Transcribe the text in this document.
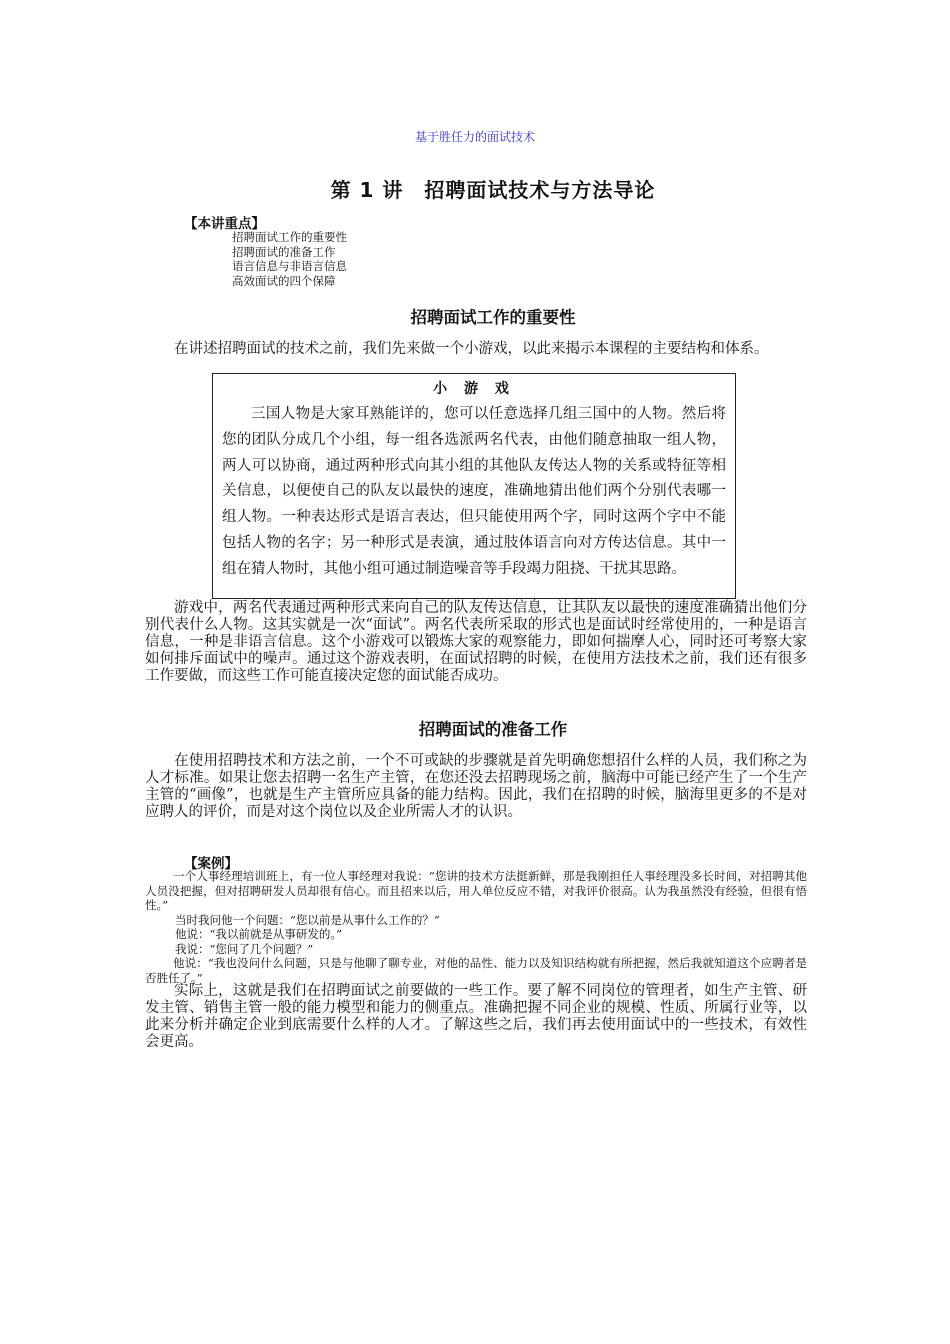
基于胜任力的面试技术
第 1 讲　招聘面试技术与方法导论
【本讲重点】
招聘面试工作的重要性
招聘面试的准备工作
语言信息与非语言信息
高效面试的四个保障
招聘面试工作的重要性

在讲述招聘面试的技术之前，我们先来做一个小游戏，以此来揭示本课程的主要结构和体系。

小 游 戏
三国人物是大家耳熟能详的，您可以任意选择几组三国中的人物。然后将您的团队分成几个小组，每一组各选派两名代表，由他们随意抽取一组人物，两人可以协商，通过两种形式向其小组的其他队友传达人物的关系或特征等相关信息，以便使自己的队友以最快的速度，准确地猜出他们两个分别代表哪一组人物。一种表达形式是语言表达，但只能使用两个字，同时这两个字中不能包括人物的名字；另一种形式是表演，通过肢体语言向对方传达信息。其中一组在猜人物时，其他小组可通过制造噪音等手段竭力阻挠、干扰其思路。

游戏中，两名代表通过两种形式来向自己的队友传达信息，让其队友以最快的速度准确猜出他们分别代表什么人物。这其实就是一次“面试”。两名代表所采取的形式也是面试时经常使用的，一种是语言信息，一种是非语言信息。这个小游戏可以锻炼大家的观察能力，即如何揣摩人心，同时还可考察大家如何排斥面试中的噪声。通过这个游戏表明，在面试招聘的时候，在使用方法技术之前，我们还有很多工作要做，而这些工作可能直接决定您的面试能否成功。

招聘面试的准备工作

在使用招聘技术和方法之前，一个不可或缺的步骤就是首先明确您想招什么样的人员，我们称之为人才标准。如果让您去招聘一名生产主管，在您还没去招聘现场之前，脑海中可能已经产生了一个生产主管的“画像”，也就是生产主管所应具备的能力结构。因此，我们在招聘的时候，脑海里更多的不是对应聘人的评价，而是对这个岗位以及企业所需人才的认识。

【案例】

一个人事经理培训班上，有一位人事经理对我说：“您讲的技术方法挺新鲜，那是我刚担任人事经理没多长时间，对招聘其他人员没把握，但对招聘研发人员却很有信心。而且招来以后，用人单位反应不错，对我评价很高。认为我虽然没有经验，但很有悟性。”

当时我问他一个问题：“您以前是从事什么工作的？”

他说：“我以前就是从事研发的。”

我说：“您问了几个问题？”

他说：“我也没问什么问题，只是与他聊了聊专业，对他的品性、能力以及知识结构就有所把握，然后我就知道这个应聘者是否胜任了。”

实际上，这就是我们在招聘面试之前要做的一些工作。要了解不同岗位的管理者，如生产主管、研发主管、销售主管一般的能力模型和能力的侧重点。准确把握不同企业的规模、性质、所属行业等，以此来分析并确定企业到底需要什么样的人才。了解这些之后，我们再去使用面试中的一些技术，有效性会更高。
